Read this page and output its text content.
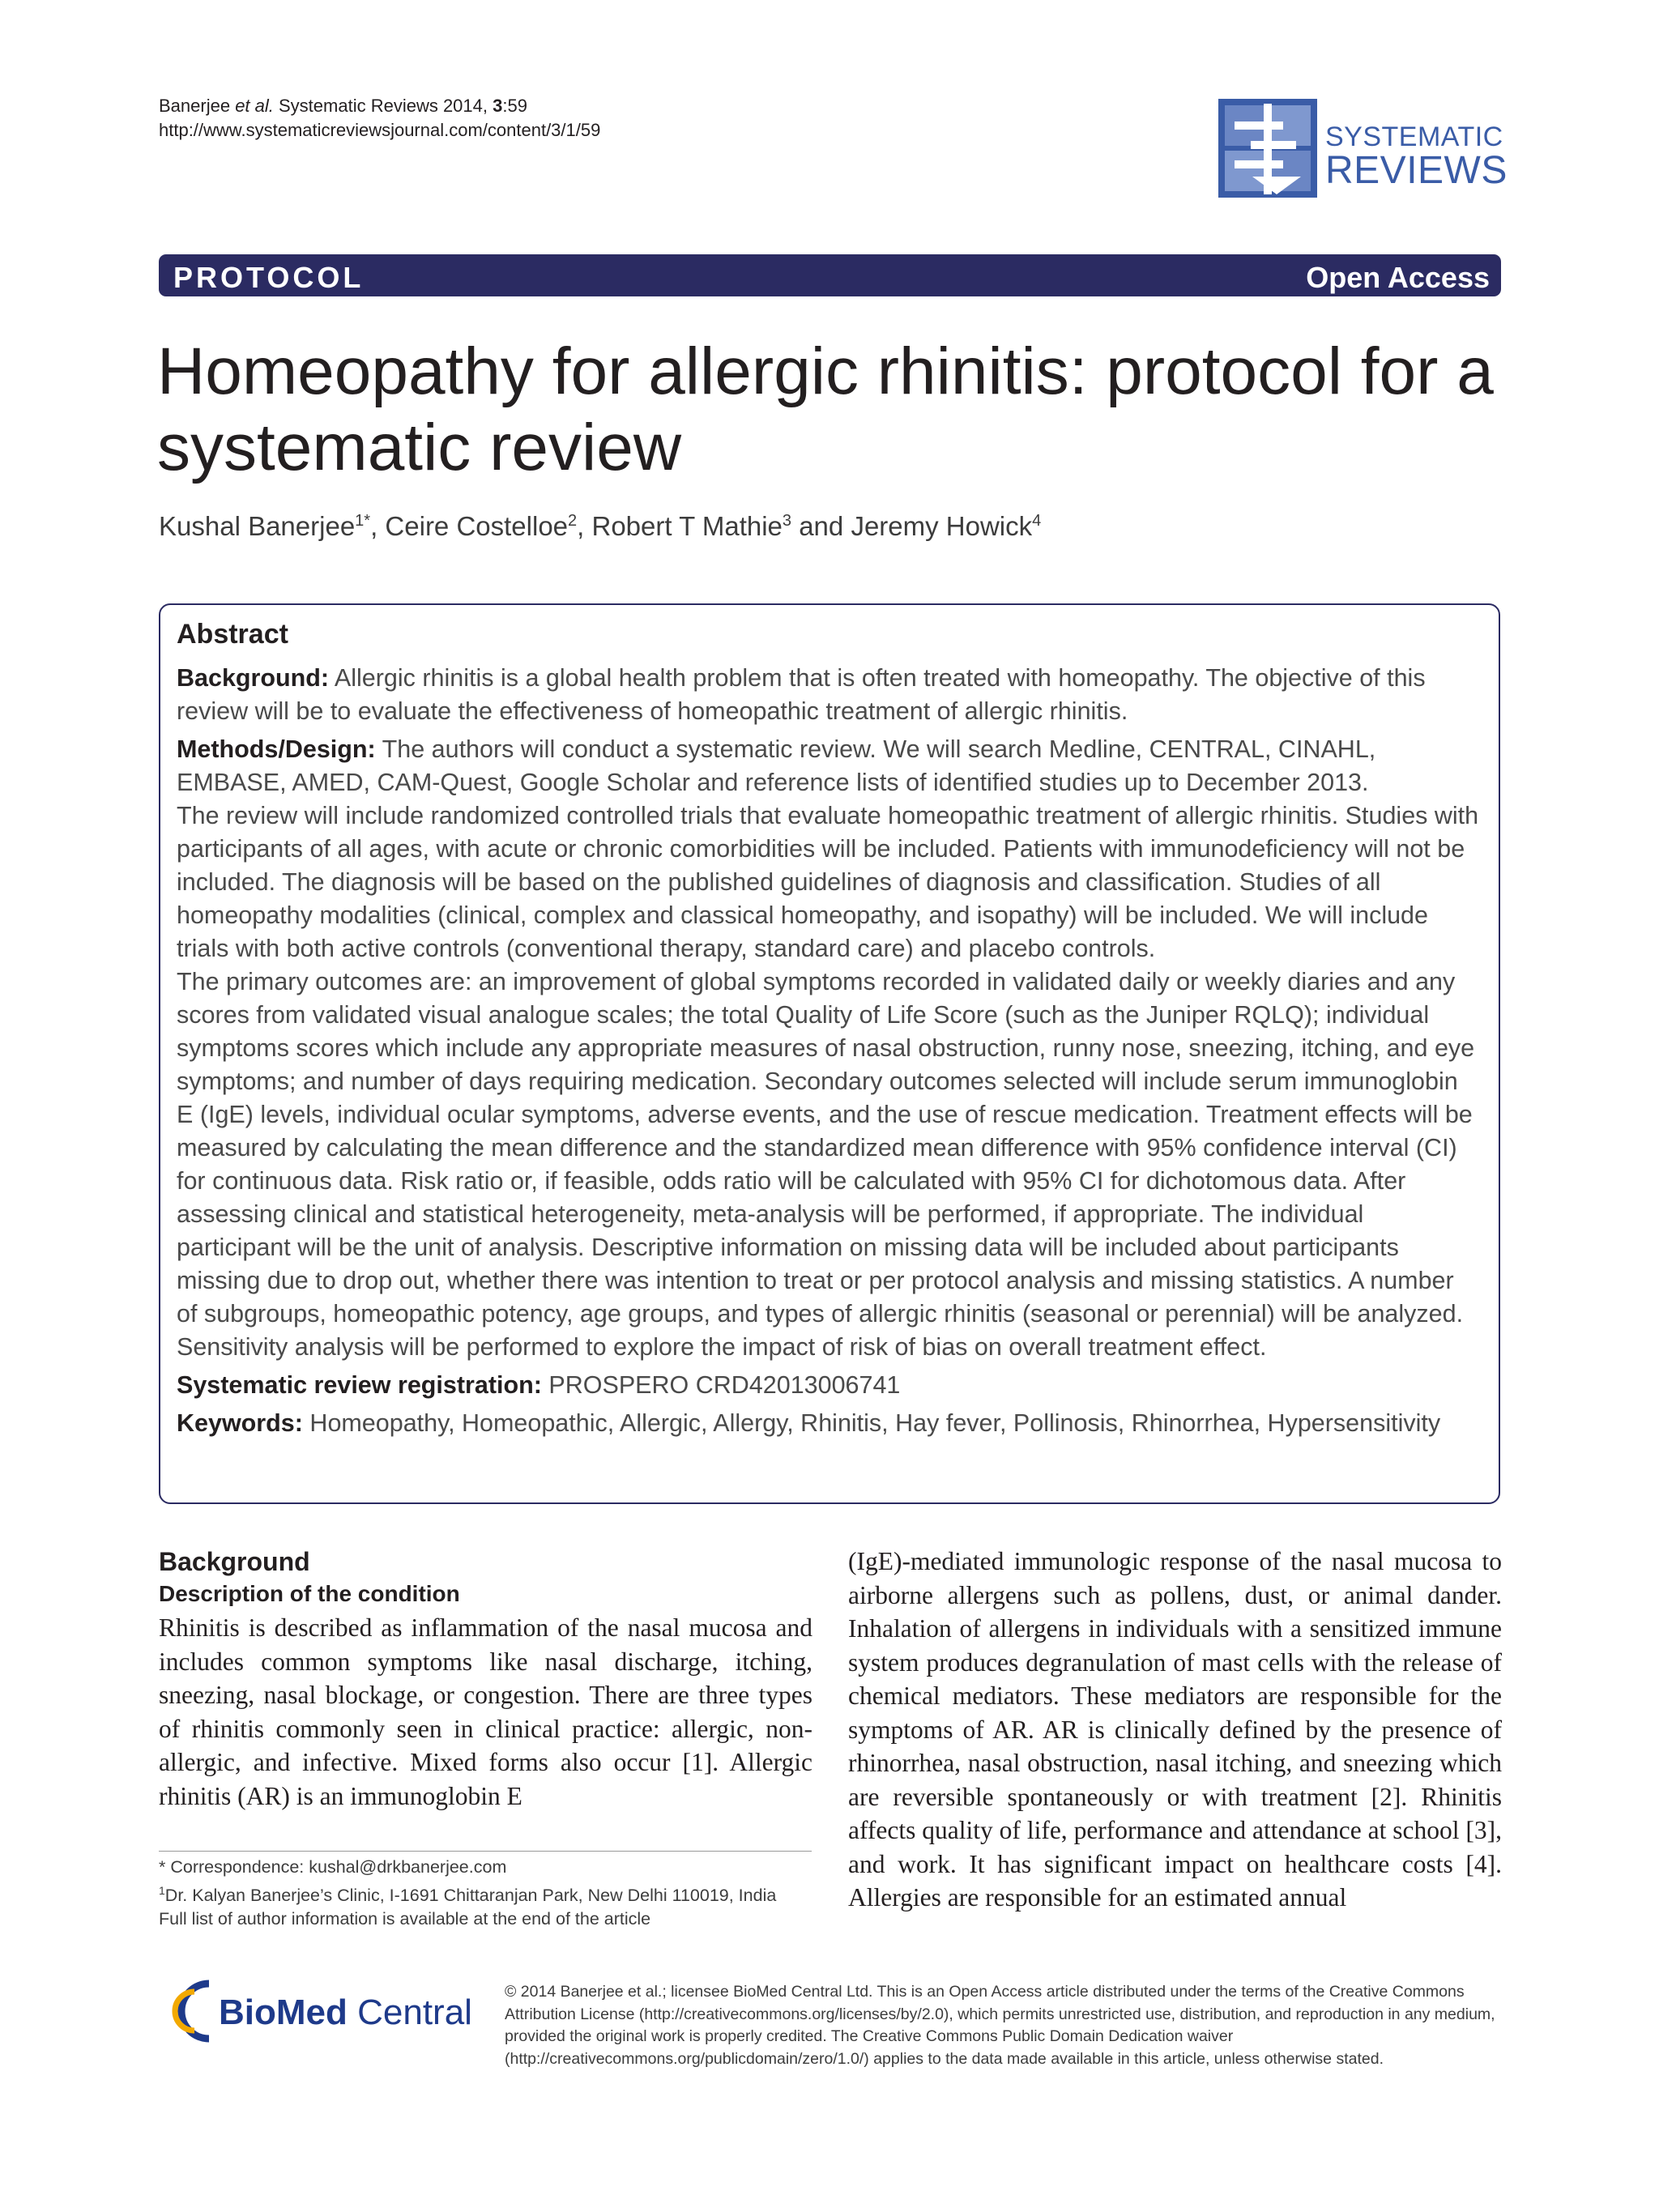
Banerjee et al. Systematic Reviews 2014, 3:59
http://www.systematicreviewsjournal.com/content/3/1/59	SYSTEMATIC
REVIEWS
PROTOCOL	Open Access
Homeopathy for allergic rhinitis: protocol for a systematic review
Kushal Banerjee$^{1*}$, Ceire Costelloe$^2$, Robert T Mathie$^3$ and Jeremy Howick$^4$
Abstract

Background: Allergic rhinitis is a global health problem that is often treated with homeopathy. The objective of this review will be to evaluate the effectiveness of homeopathic treatment of allergic rhinitis.

Methods/Design: The authors will conduct a systematic review. We will search Medline, CENTRAL, CINAHL, EMBASE, AMED, CAM-Quest, Google Scholar and reference lists of identified studies up to December 2013.

The review will include randomized controlled trials that evaluate homeopathic treatment of allergic rhinitis. Studies with participants of all ages, with acute or chronic comorbidities will be included. Patients with immunodeficiency will not be included. The diagnosis will be based on the published guidelines of diagnosis and classification. Studies of all homeopathy modalities (clinical, complex and classical homeopathy, and isopathy) will be included. We will include trials with both active controls (conventional therapy, standard care) and placebo controls.

The primary outcomes are: an improvement of global symptoms recorded in validated daily or weekly diaries and any scores from validated visual analogue scales; the total Quality of Life Score (such as the Juniper RQLQ); individual symptoms scores which include any appropriate measures of nasal obstruction, runny nose, sneezing, itching, and eye symptoms; and number of days requiring medication. Secondary outcomes selected will include serum immunoglobin E (IgE) levels, individual ocular symptoms, adverse events, and the use of rescue medication. Treatment effects will be measured by calculating the mean difference and the standardized mean difference with 95% confidence interval (CI) for continuous data. Risk ratio or, if feasible, odds ratio will be calculated with 95% CI for dichotomous data. After assessing clinical and statistical heterogeneity, meta-analysis will be performed, if appropriate. The individual participant will be the unit of analysis. Descriptive information on missing data will be included about participants missing due to drop out, whether there was intention to treat or per protocol analysis and missing statistics. A number of subgroups, homeopathic potency, age groups, and types of allergic rhinitis (seasonal or perennial) will be analyzed. Sensitivity analysis will be performed to explore the impact of risk of bias on overall treatment effect.

Systematic review registration: PROSPERO CRD42013006741

Keywords: Homeopathy, Homeopathic, Allergic, Allergy, Rhinitis, Hay fever, Pollinosis, Rhinorrhea, Hypersensitivity

Background
Description of the condition

Rhinitis is described as inflammation of the nasal mucosa and includes common symptoms like nasal discharge, itching, sneezing, nasal blockage, or congestion. There are three types of rhinitis commonly seen in clinical practice: allergic, non-allergic, and infective. Mixed forms also occur [1]. Allergic rhinitis (AR) is an immunoglobin E

(IgE)-mediated immunologic response of the nasal mucosa to airborne allergens such as pollens, dust, or animal dander. Inhalation of allergens in individuals with a sensitized immune system produces degranulation of mast cells with the release of chemical mediators. These mediators are responsible for the symptoms of AR. AR is clinically defined by the presence of rhinorrhea, nasal obstruction, nasal itching, and sneezing which are reversible spontaneously or with treatment [2]. Rhinitis affects quality of life, performance and attendance at school [3], and work. It has significant impact on healthcare costs [4]. Allergies are responsible for an estimated annual

* Correspondence: kushal@drkbanerjee.com

$^1$Dr. Kalyan Banerjee’s Clinic, I-1691 Chittaranjan Park, New Delhi 110019, India

Full list of author information is available at the end of the article

BioMed Central

© 2014 Banerjee et al.; licensee BioMed Central Ltd. This is an Open Access article distributed under the terms of the Creative Commons Attribution License (http://creativecommons.org/licenses/by/2.0), which permits unrestricted use, distribution, and reproduction in any medium, provided the original work is properly credited. The Creative Commons Public Domain Dedication waiver (http://creativecommons.org/publicdomain/zero/1.0/) applies to the data made available in this article, unless otherwise stated.
